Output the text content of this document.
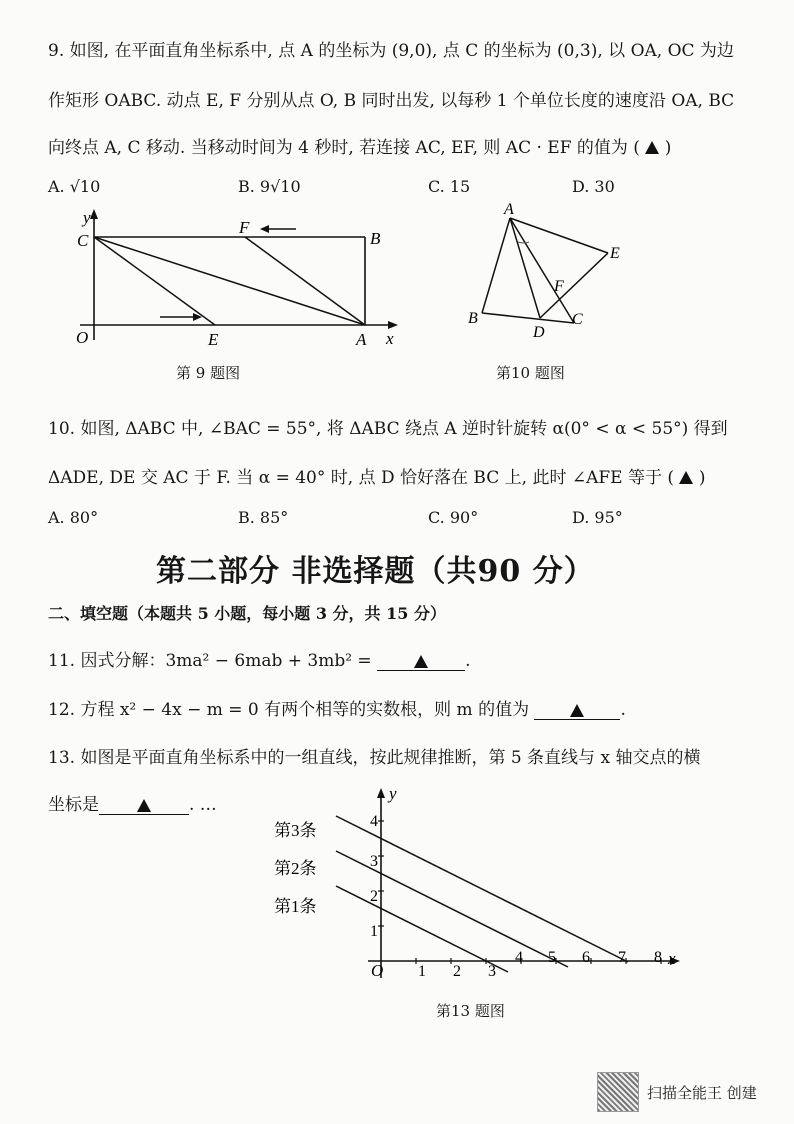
9. 如图, 在平面直角坐标系中, 点 A 的坐标为 (9,0), 点 C 的坐标为 (0,3), 以 OA, OC 为边
作矩形 OABC. 动点 E, F 分别从点 O, B 同时出发, 以每秒 1 个单位长度的速度沿 OA, BC
向终点 A, C 移动. 当移动时间为 4 秒时, 若连接 AC, EF, 则 AC · EF 的值为 ( )
A. √10	B. 9√10	C. 15	D. 30
y
C
F
B
O	E	A x
第 9 题图
A
E
F
B
D
C
第10 题图
10. 如图, ΔABC 中, ∠BAC = 55°, 将 ΔABC 绕点 A 逆时针旋转 α(0° < α < 55°) 得到
ΔADE, DE 交 AC 于 F. 当 α = 40° 时, 点 D 恰好落在 BC 上, 此时 ∠AFE 等于 ( )
A. 80°	B. 85°	C. 90°	D. 95°
第二部分 非选择题（共90 分）
二、填空题（本题共 5 小题，每小题 3 分，共 15 分）
11. 因式分解：3ma² − 6mab + 3mb² =	.
12. 方程 x² − 4x − m = 0 有两个相等的实数根，则 m 的值为	.
13. 如图是平面直角坐标系中的一组直线，按此规律推断，第 5 条直线与 x 轴交点的横
坐标是	. …
y
O
x
1
2
3
4
1 2 3
4 5 6 7 8
第3条
第2条
第1条
第13 题图
扫描全能王 创建
